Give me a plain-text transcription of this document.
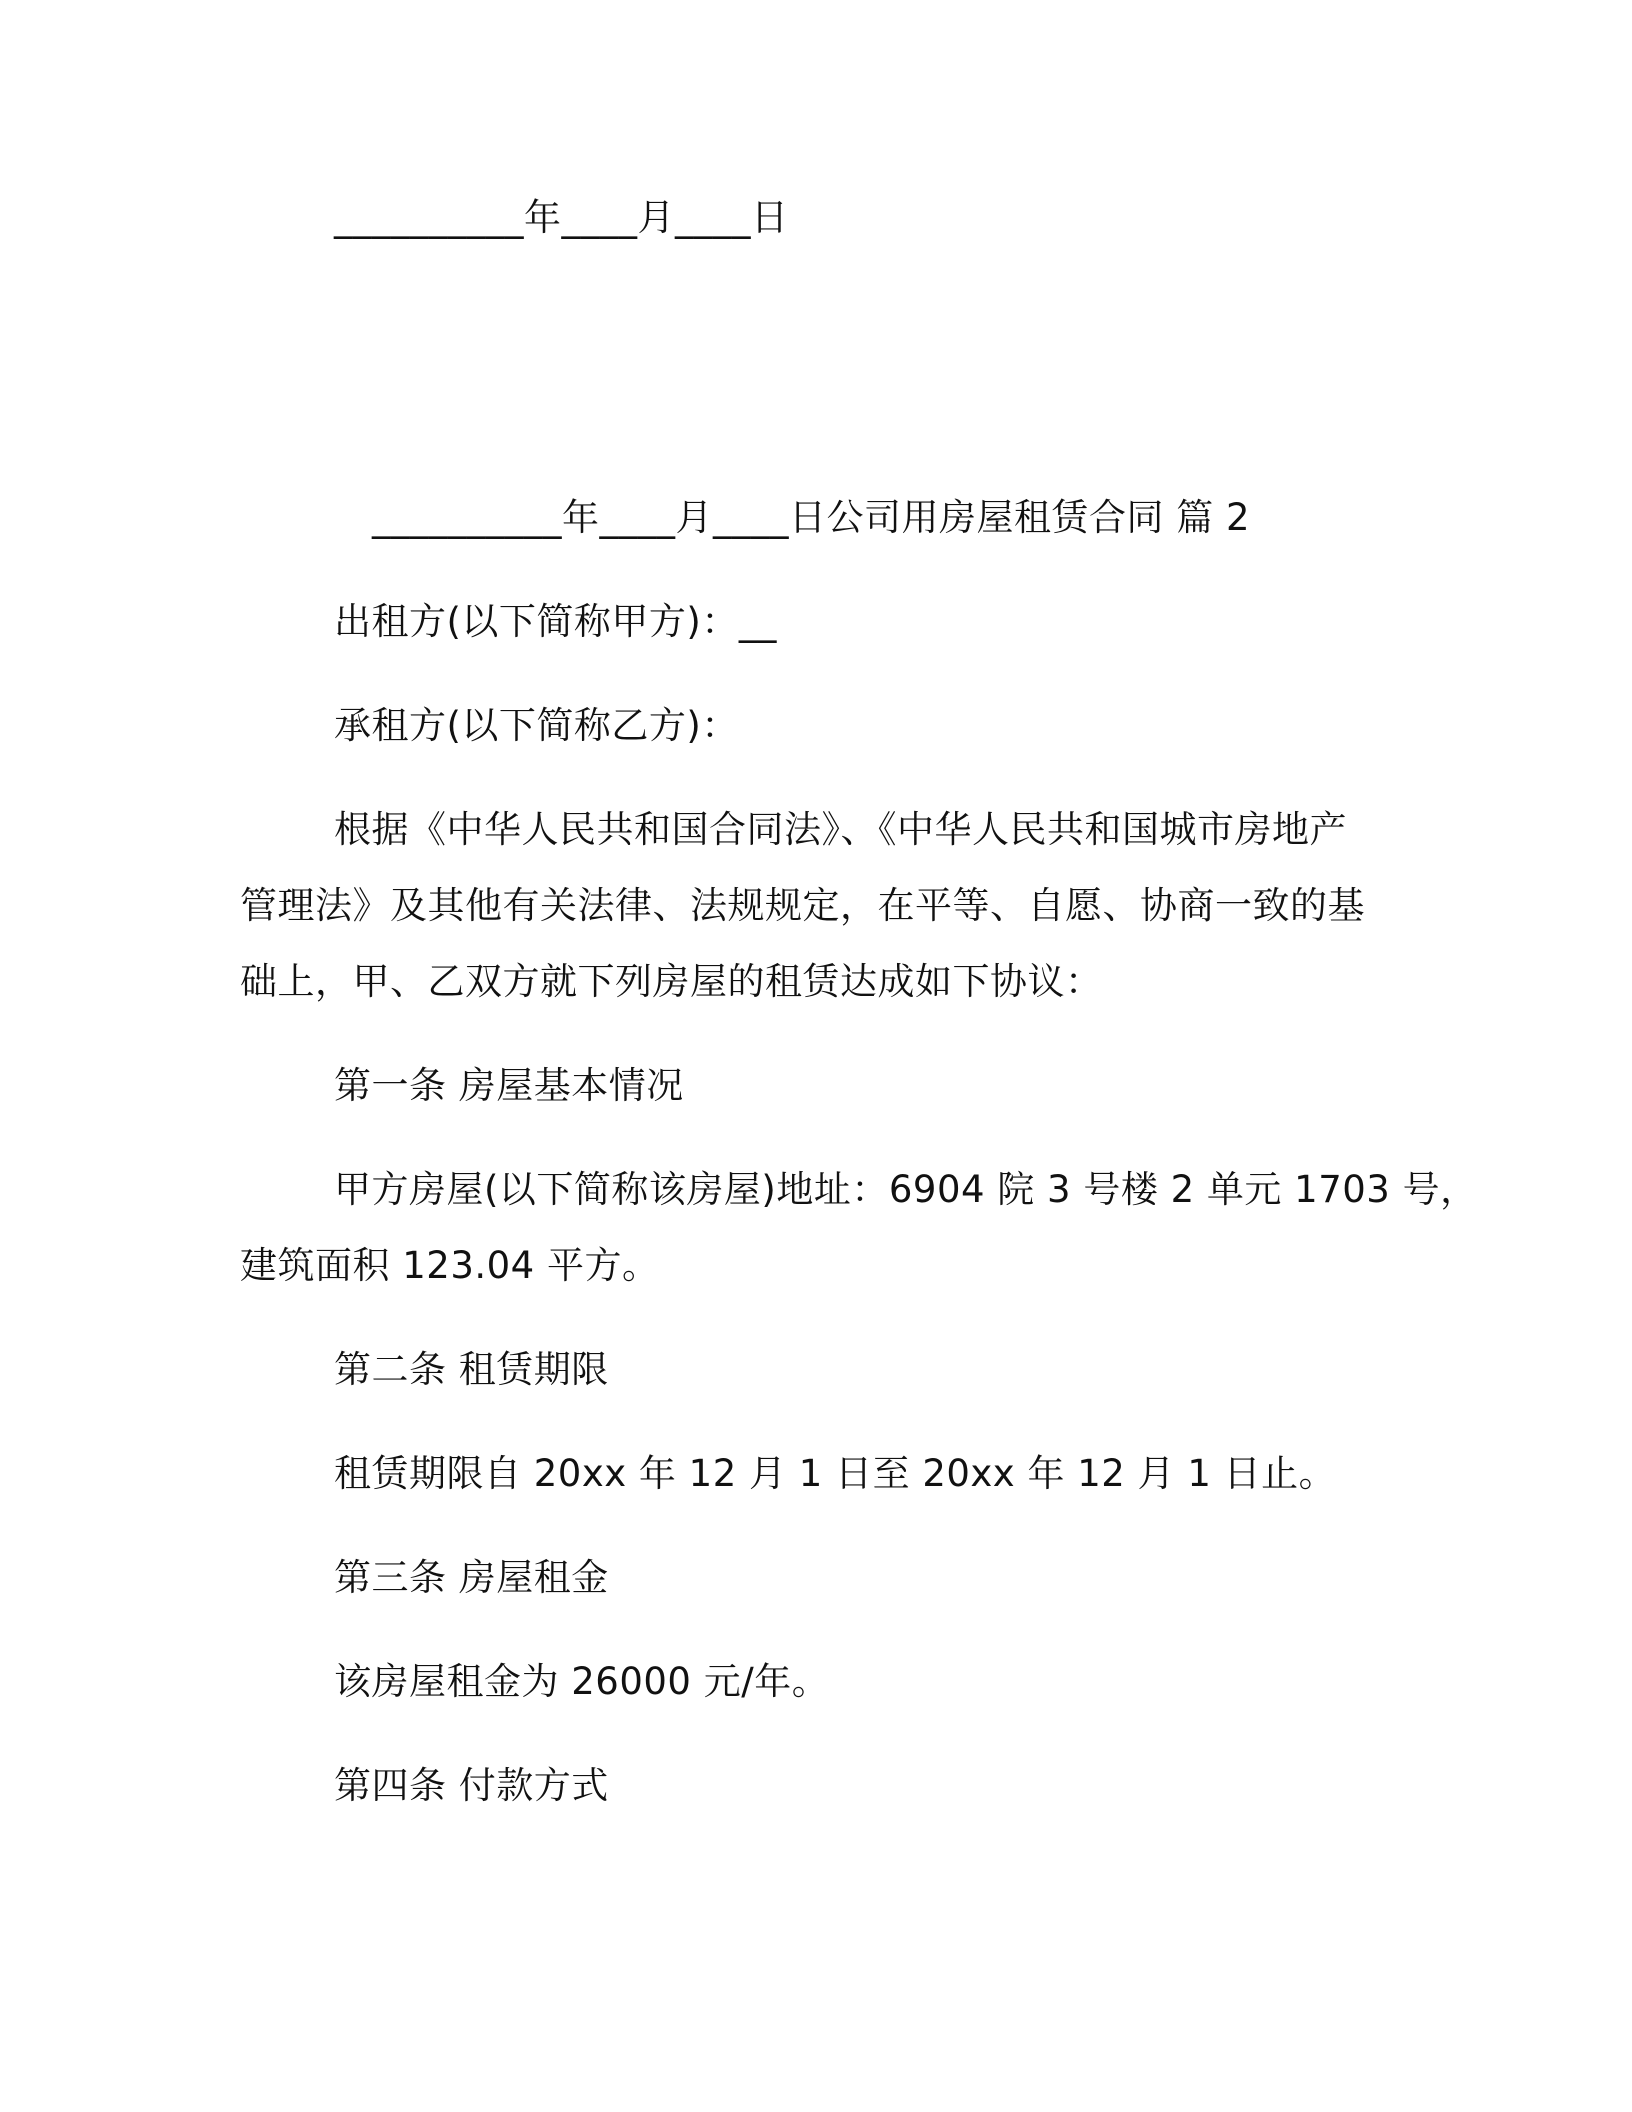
__________年____月____日
__________年____月____日公司用房屋租赁合同 篇 2
出租方(以下简称甲方)：__
承租方(以下简称乙方)：
根据《中华人民共和国合同法》、《中华人民共和国城市房地产
管理法》及其他有关法律、法规规定，在平等、自愿、协商一致的基
础上，甲、乙双方就下列房屋的租赁达成如下协议：
第一条 房屋基本情况
甲方房屋(以下简称该房屋)地址：6904 院 3 号楼 2 单元 1703 号，
建筑面积 123.04 平方。
第二条 租赁期限
租赁期限自 20xx 年 12 月 1 日至 20xx 年 12 月 1 日止。
第三条 房屋租金
该房屋租金为 26000 元/年。
第四条 付款方式
